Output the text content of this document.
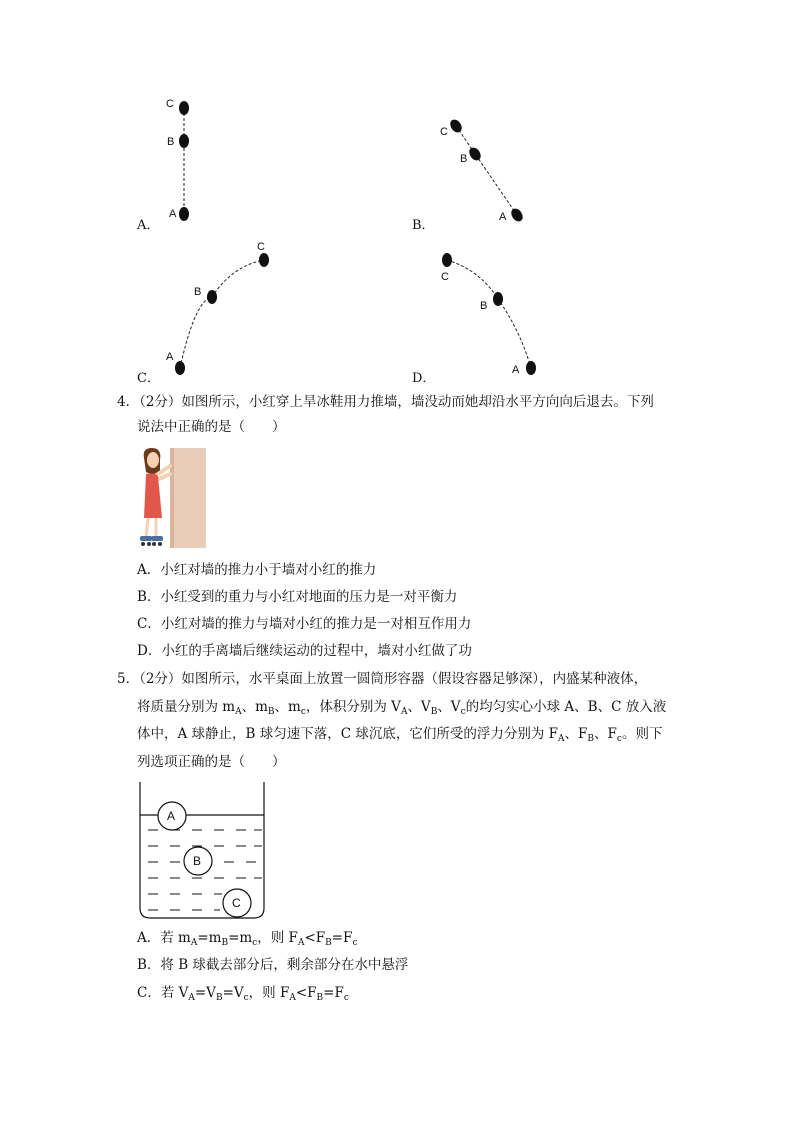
C
B
A
C
B
A
C
B
A
C
B
A
A．	B．
C．	D．
4．（2分）如图所示，小红穿上旱冰鞋用力推墙，墙没动而她却沿水平方向向后退去。下列
说法中正确的是（　　）
A．小红对墙的推力小于墙对小红的推力
B．小红受到的重力与小红对地面的压力是一对平衡力
C．小红对墙的推力与墙对小红的推力是一对相互作用力
D．小红的手离墙后继续运动的过程中，墙对小红做了功
5．（2分）如图所示，水平桌面上放置一圆筒形容器（假设容器足够深），内盛某种液体，
将质量分别为 $m_A$、$m_B$、$m_c$，体积分别为 $V_A$、$V_B$、$V_c$的均匀实心小球 A、B、C 放入液
体中，A 球静止，B 球匀速下落，C 球沉底，它们所受的浮力分别为 $F_A$、$F_B$、$F_c$。则下
列选项正确的是（　　）
A
B
C
A．若 $m_A=m_B=m_c$，则 $F_A<F_B=F_c$
B．将 B 球截去部分后，剩余部分在水中悬浮
C．若 $V_A=V_B=V_c$，则 $F_A<F_B=F_c$
